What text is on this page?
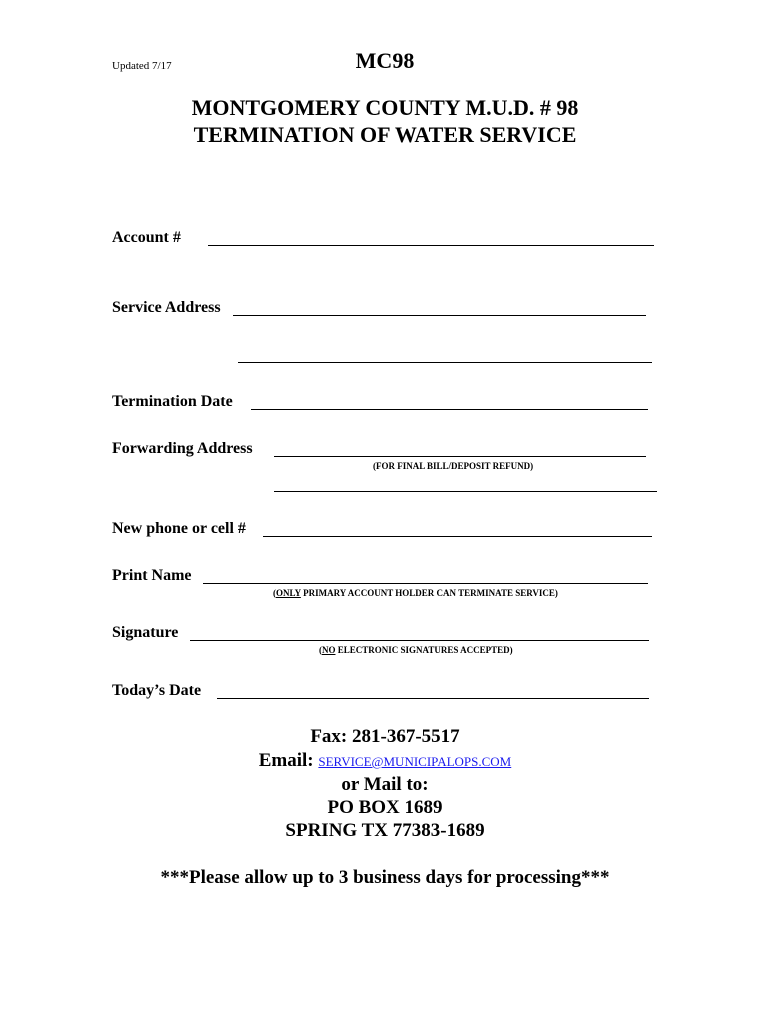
Updated 7/17	MC98
MONTGOMERY COUNTY M.U.D. # 98
TERMINATION OF WATER SERVICE
Account #
Service Address
Termination Date
Forwarding Address
(FOR FINAL BILL/DEPOSIT REFUND)
New phone or cell #
Print Name
(ONLY PRIMARY ACCOUNT HOLDER CAN TERMINATE SERVICE)
Signature
(NO ELECTRONIC SIGNATURES ACCEPTED)
Today’s Date
Fax: 281-367-5517
Email: SERVICE@MUNICIPALOPS.COM
or Mail to:
PO BOX 1689
SPRING TX 77383-1689
***Please allow up to 3 business days for processing***
